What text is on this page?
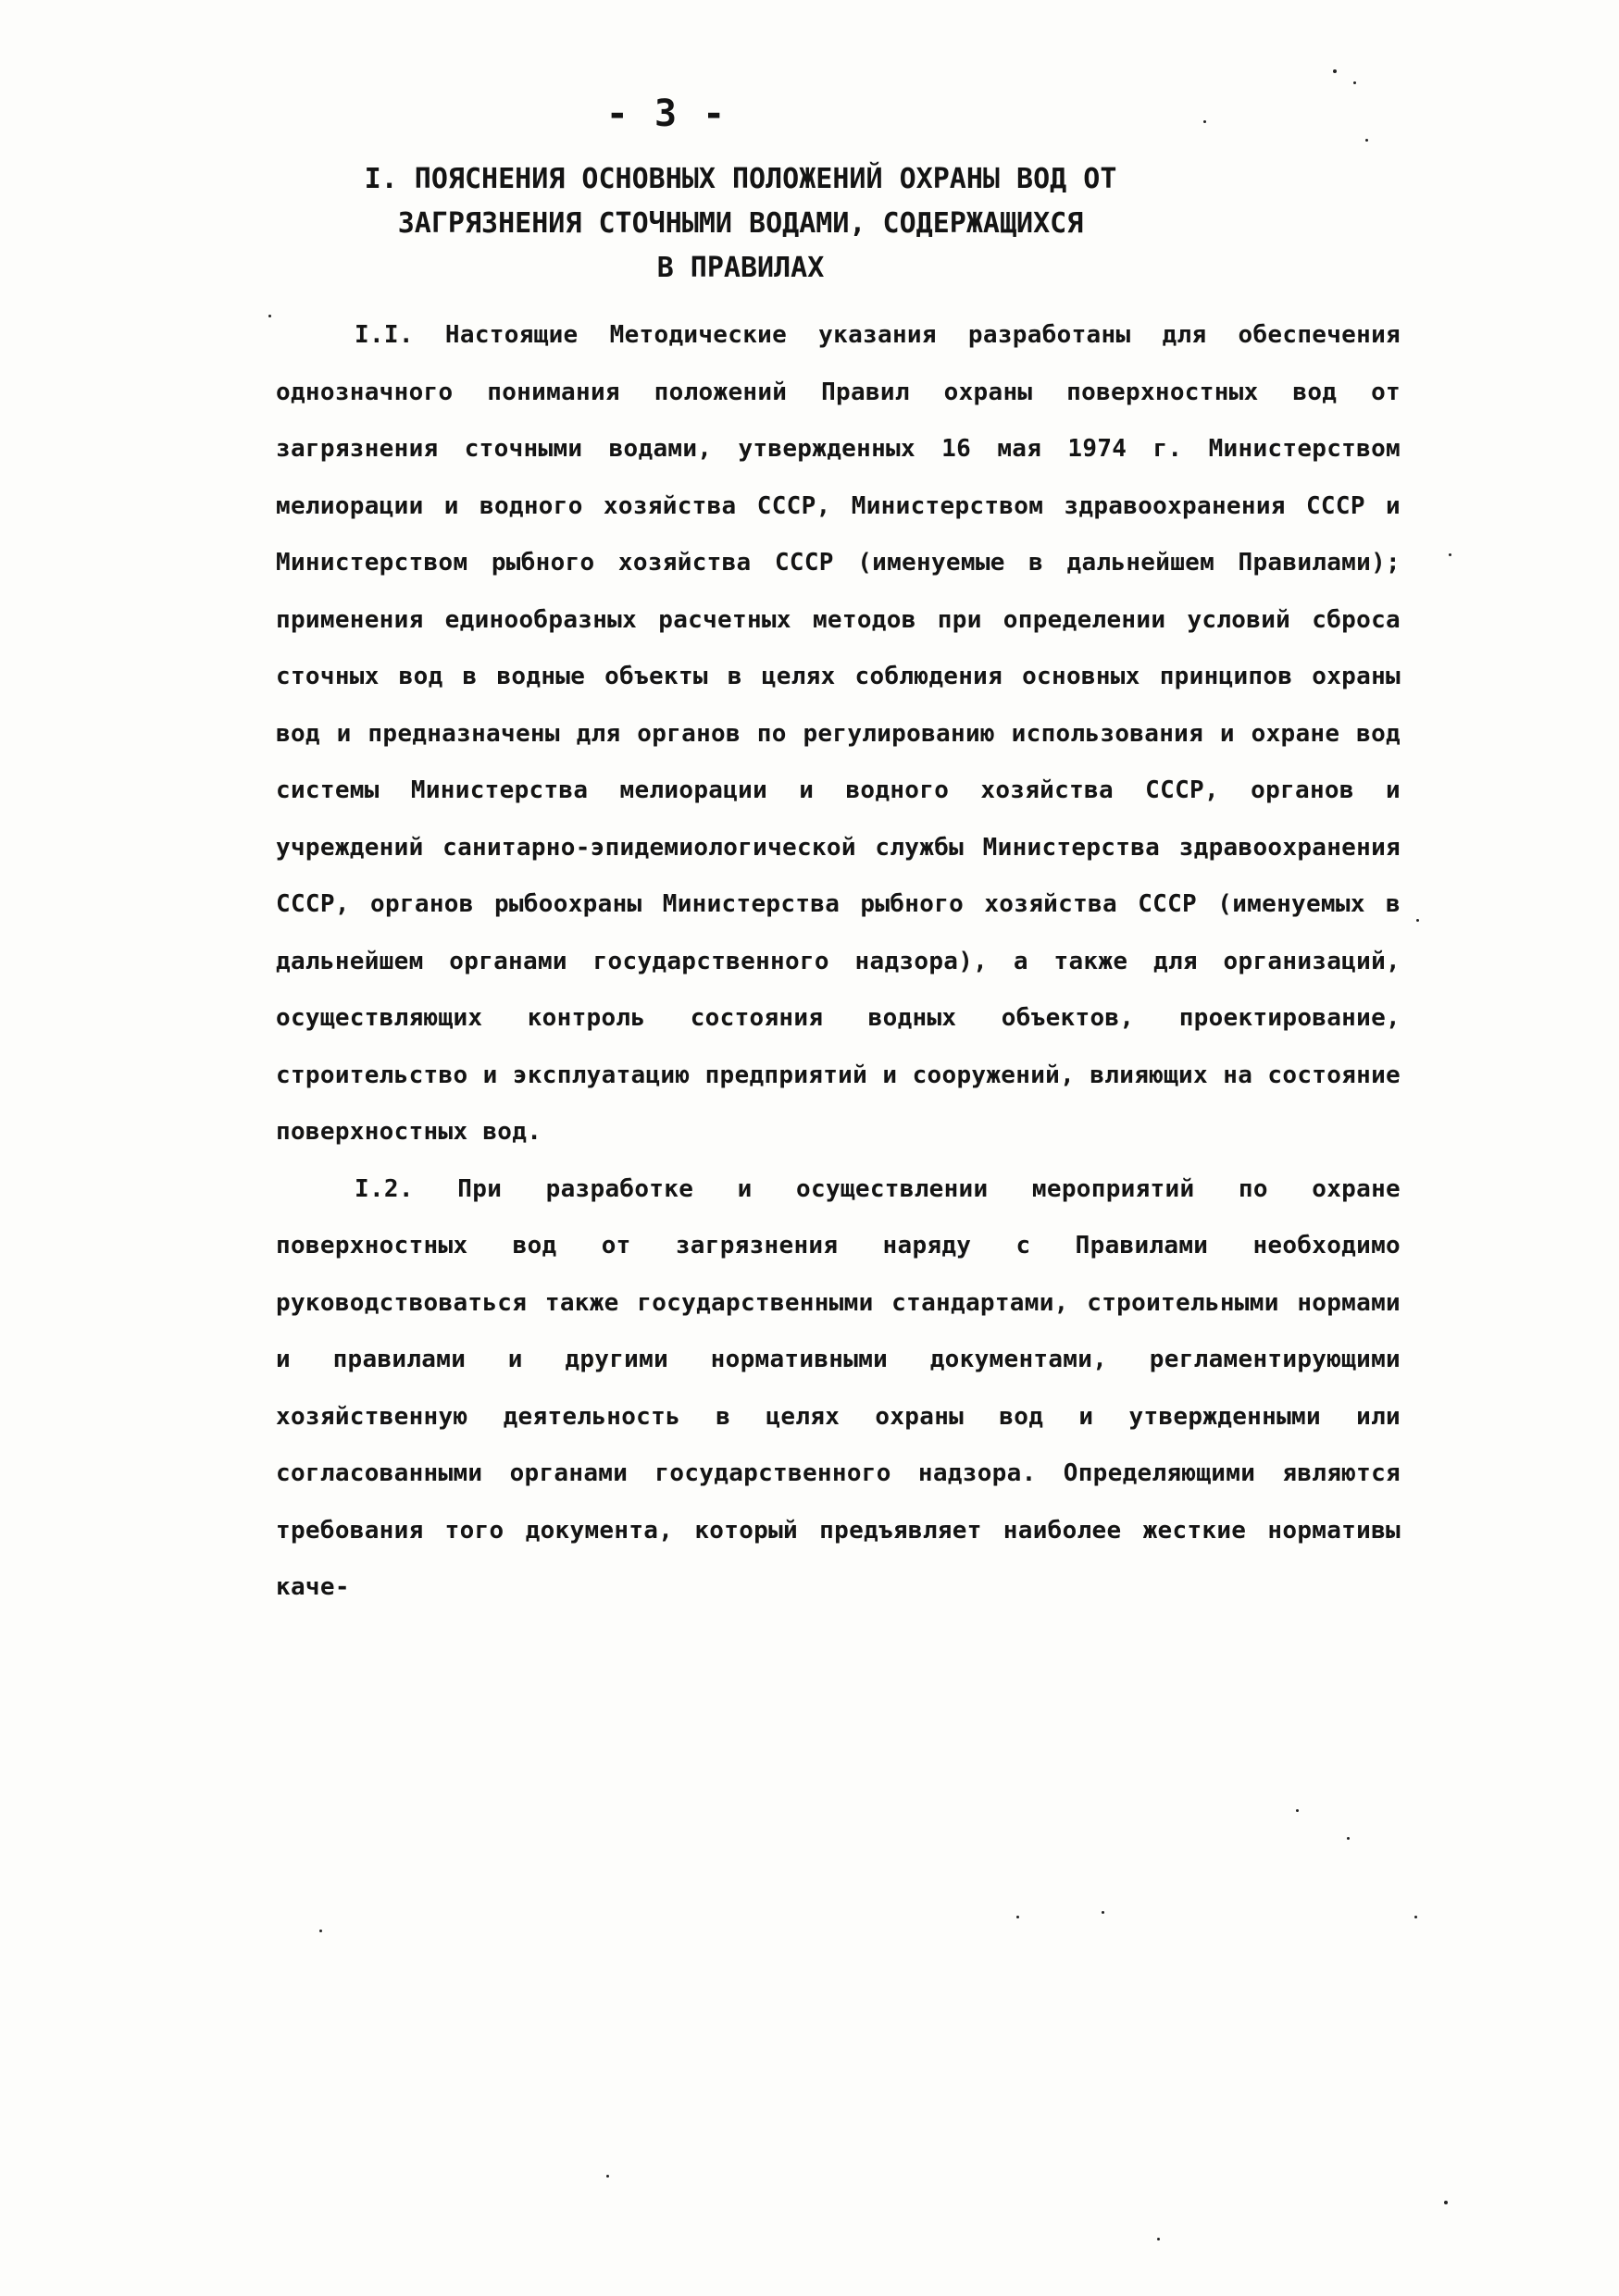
- 3 -
I. ПОЯСНЕНИЯ ОСНОВНЫХ ПОЛОЖЕНИЙ ОХРАНЫ ВОД ОТ
ЗАГРЯЗНЕНИЯ СТОЧНЫМИ ВОДАМИ, СОДЕРЖАЩИХСЯ
В ПРАВИЛАХ

I.I. Настоящие Методические указания разработаны для обеспечения однозначного понимания положений Правил охраны поверхностных вод от загрязнения сточными водами, утвержденных 16 мая 1974 г. Министерством мелиорации и водного хозяйства СССР, Министерством здравоохранения СССР и Министерством рыбного хозяйства СССР (именуемые в дальнейшем Правилами); применения единообразных расчетных методов при определении условий сброса сточных вод в водные объекты в целях соблюдения основных принципов охраны вод и предназначены для органов по регулированию использования и охране вод системы Министерства мелиорации и водного хозяйства СССР, органов и учреждений санитарно-эпидемиологической службы Министерства здравоохранения СССР, органов рыбоохраны Министерства рыбного хозяйства СССР (именуемых в дальнейшем органами государственного надзора), а также для организаций, осуществляющих контроль состояния водных объектов, проектирование, строительство и эксплуатацию предприятий и сооружений, влияющих на состояние поверхностных вод.

I.2. При разработке и осуществлении мероприятий по охране поверхностных вод от загрязнения наряду с Правилами необходимо руководствоваться также государственными стандартами, строительными нормами и правилами и другими нормативными документами, регламентирующими хозяйственную деятельность в целях охраны вод и утвержденными или согласованными органами государственного надзора. Определяющими являются требования того документа, который предъявляет наиболее жесткие нормативы каче-
